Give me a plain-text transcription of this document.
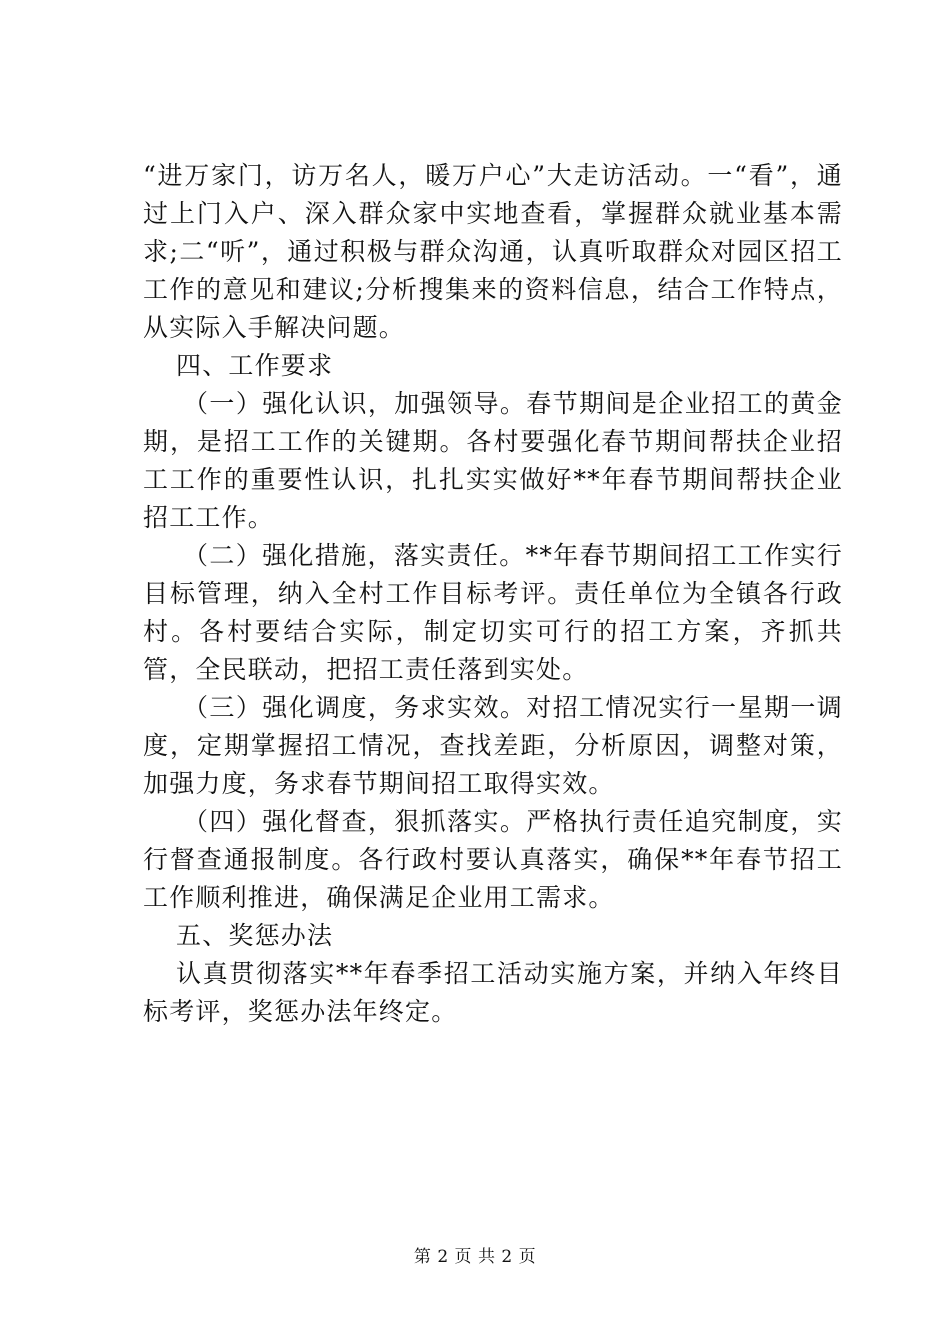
“进万家门，访万名人，暖万户心”大走访活动。一“看”，通过上门入户、深入群众家中实地查看，掌握群众就业基本需求;二“听”，通过积极与群众沟通，认真听取群众对园区招工工作的意见和建议;分析搜集来的资料信息，结合工作特点，从实际入手解决问题。

四、工作要求

（一）强化认识，加强领导。春节期间是企业招工的黄金期，是招工工作的关键期。各村要强化春节期间帮扶企业招工工作的重要性认识，扎扎实实做好**年春节期间帮扶企业招工工作。

（二）强化措施，落实责任。**年春节期间招工工作实行目标管理，纳入全村工作目标考评。责任单位为全镇各行政村。各村要结合实际，制定切实可行的招工方案，齐抓共管，全民联动，把招工责任落到实处。

（三）强化调度，务求实效。对招工情况实行一星期一调度，定期掌握招工情况，查找差距，分析原因，调整对策，加强力度，务求春节期间招工取得实效。

（四）强化督查，狠抓落实。严格执行责任追究制度，实行督查通报制度。各行政村要认真落实，确保**年春节招工工作顺利推进，确保满足企业用工需求。

五、奖惩办法

认真贯彻落实**年春季招工活动实施方案，并纳入年终目标考评，奖惩办法年终定。

第 2 页 共 2 页
